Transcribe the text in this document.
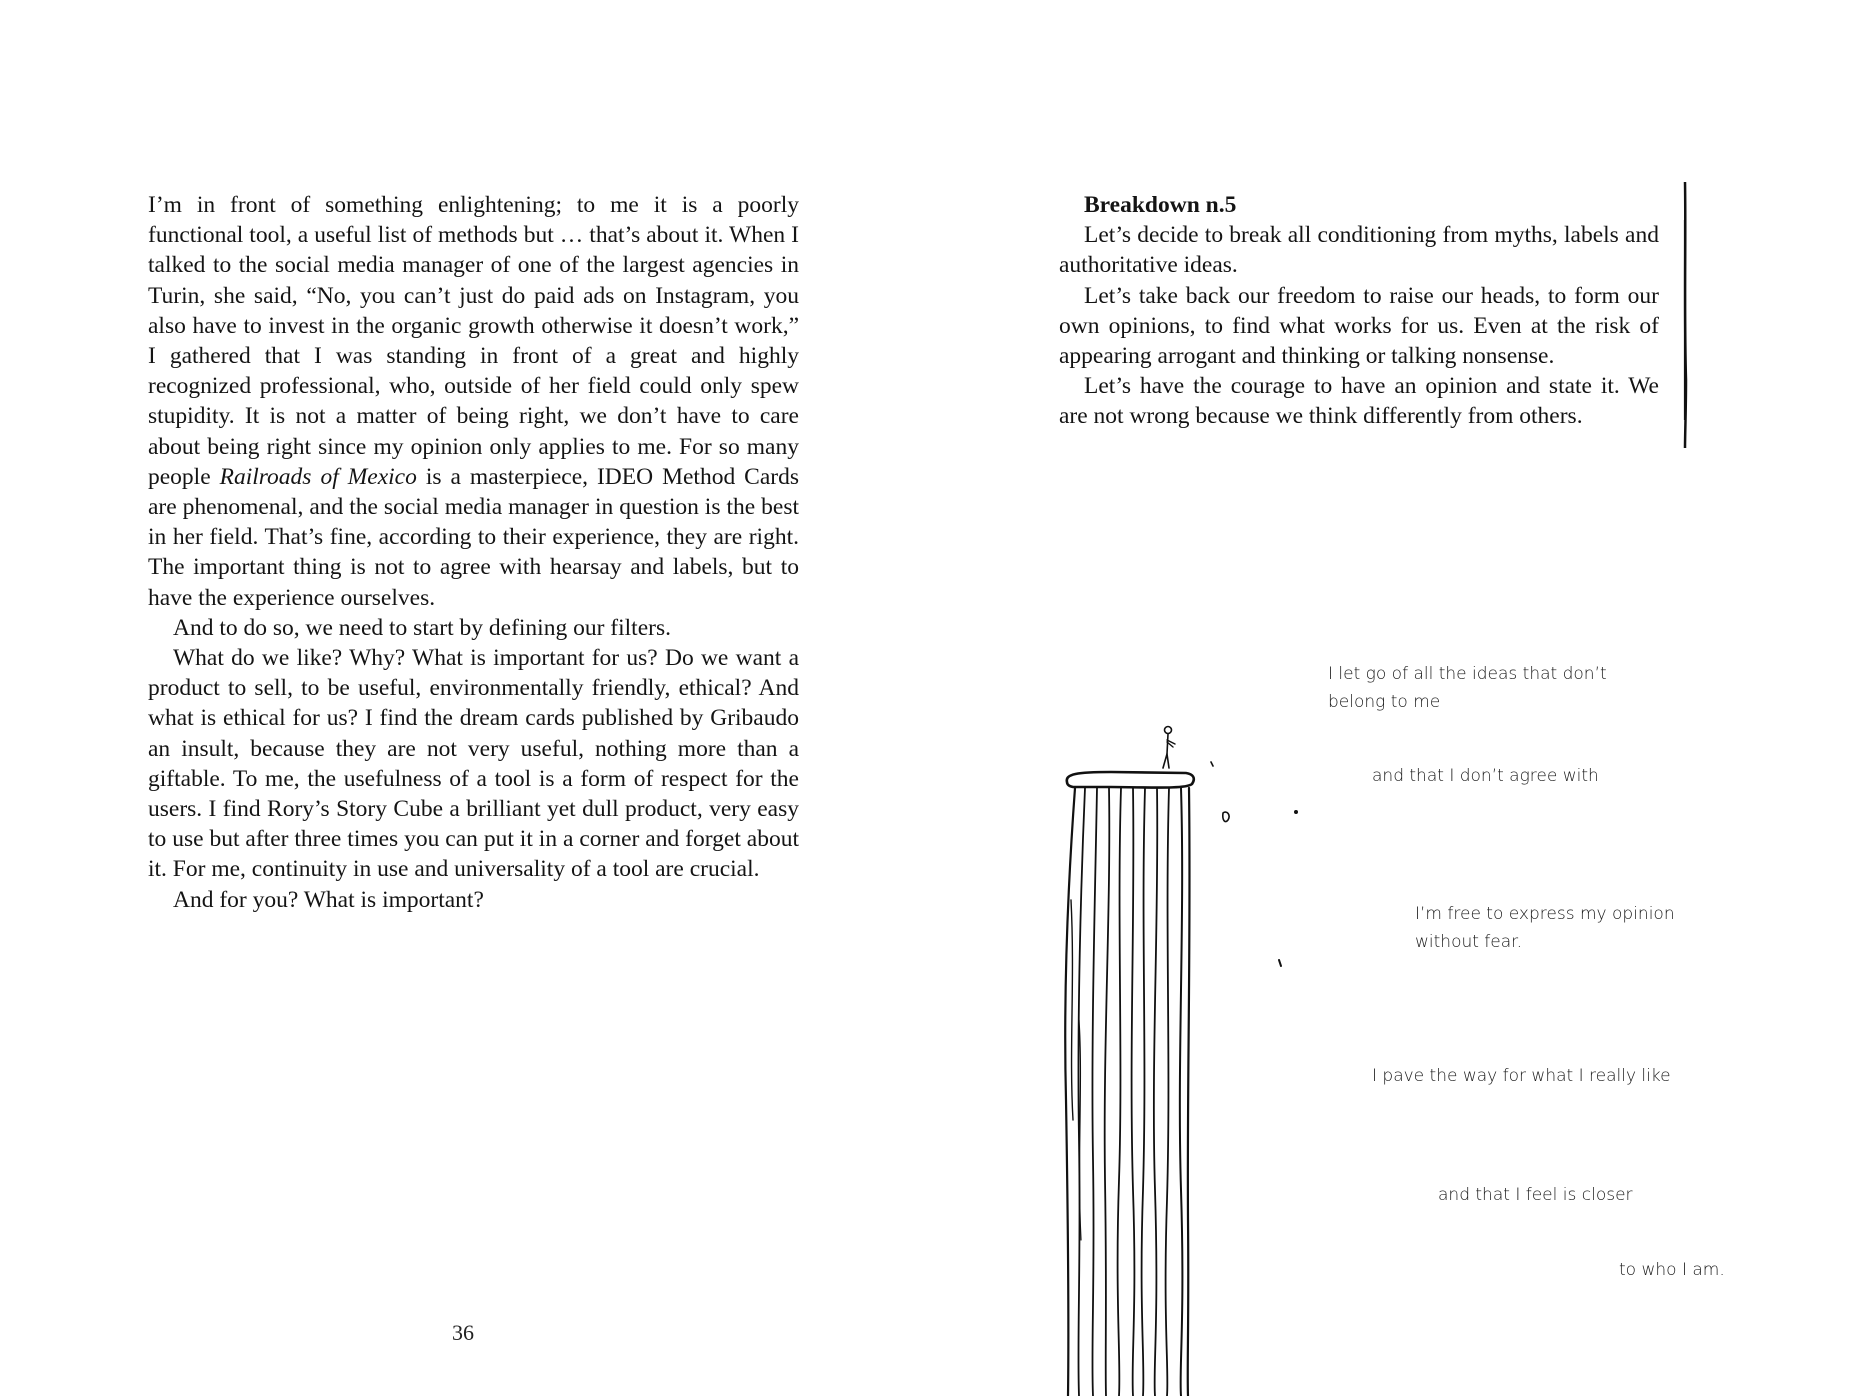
I’m in front of something enlightening; to me it is a poorly functional tool, a useful list of methods but … that’s about it. When I talked to the social media manager of one of the largest agencies in Turin, she said, “No, you can’t just do paid ads on Instagram, you also have to invest in the organic growth otherwise it doesn’t work,” I gathered that I was standing in front of a great and highly recognized professional, who, outside of her field could only spew stupidity. It is not a matter of being right, we don’t have to care about being right since my opinion only applies to me. For so many people Railroads of Mexico is a masterpiece, IDEO Method Cards are phenomenal, and the social media manager in question is the best in her field. That’s fine, according to their experience, they are right. The important thing is not to agree with hearsay and labels, but to have the experience ourselves.

And to do so, we need to start by defining our filters.

What do we like? Why? What is important for us? Do we want a product to sell, to be useful, environmentally friendly, ethical? And what is ethical for us? I find the dream cards published by Gribaudo an insult, because they are not very useful, nothing more than a giftable. To me, the usefulness of a tool is a form of respect for the users. I find Rory’s Story Cube a brilliant yet dull product, very easy to use but after three times you can put it in a corner and forget about it. For me, continuity in use and universality of a tool are crucial.

And for you? What is important?

36

Breakdown n.5

Let’s decide to break all conditioning from myths, labels and authoritative ideas.

Let’s take back our freedom to raise our heads, to form our own opinions, to find what works for us. Even at the risk of appearing arrogant and thinking or talking nonsense.

Let’s have the courage to have an opinion and state it. We are not wrong because we think differently from others.

I let go of all the ideas that don’t
belong to me
and that I don’t agree with
I’m free to express my opinion
without fear.
I pave the way for what I really like
and that I feel is closer
to who I am.
